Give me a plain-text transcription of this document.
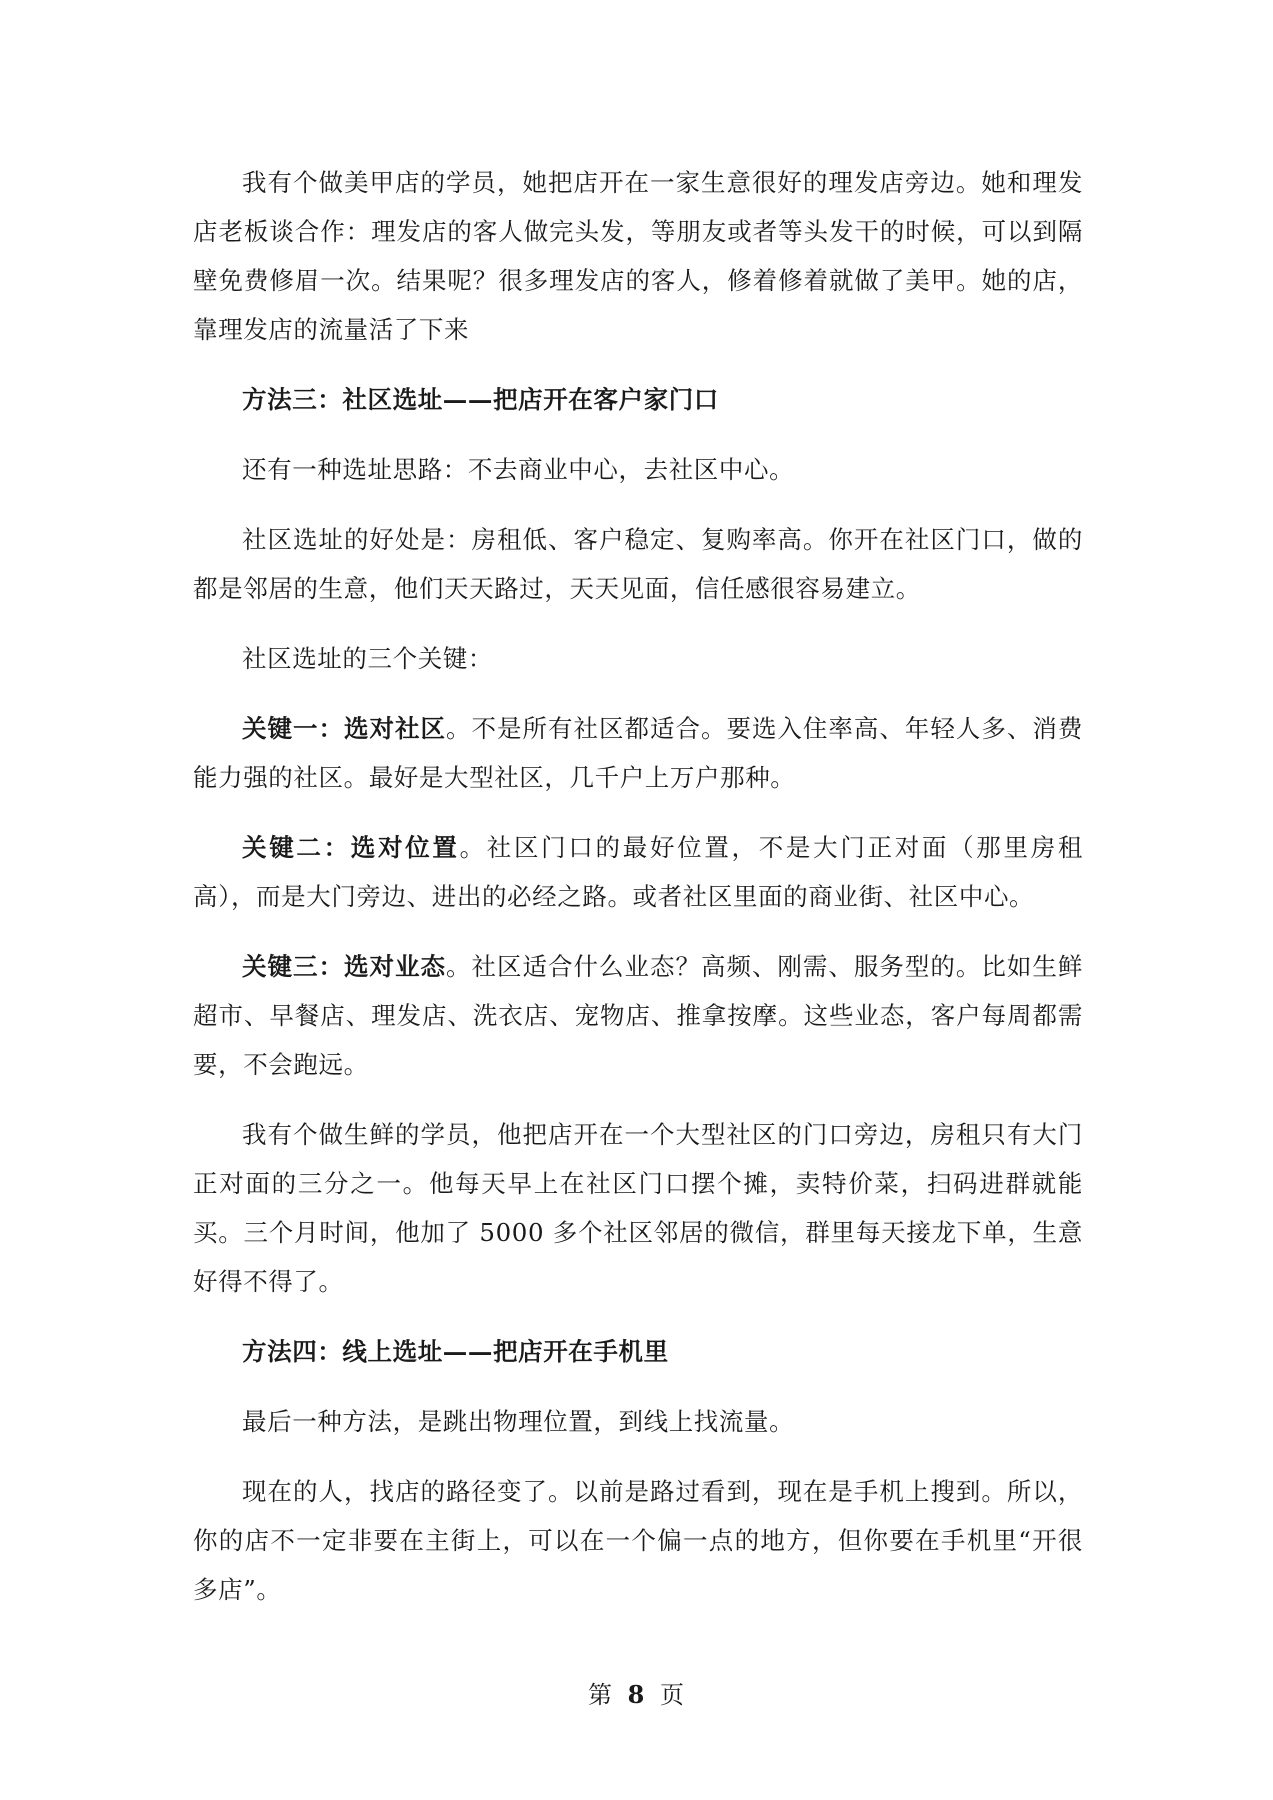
我有个做美甲店的学员，她把店开在一家生意很好的理发店旁边。她和理发店老板谈合作：理发店的客人做完头发，等朋友或者等头发干的时候，可以到隔壁免费修眉一次。结果呢？很多理发店的客人，修着修着就做了美甲。她的店，靠理发店的流量活了下来

方法三：社区选址——把店开在客户家门口

还有一种选址思路：不去商业中心，去社区中心。

社区选址的好处是：房租低、客户稳定、复购率高。你开在社区门口，做的都是邻居的生意，他们天天路过，天天见面，信任感很容易建立。

社区选址的三个关键：

关键一：选对社区。不是所有社区都适合。要选入住率高、年轻人多、消费能力强的社区。最好是大型社区，几千户上万户那种。

关键二：选对位置。社区门口的最好位置，不是大门正对面（那里房租高），而是大门旁边、进出的必经之路。或者社区里面的商业街、社区中心。

关键三：选对业态。社区适合什么业态？高频、刚需、服务型的。比如生鲜超市、早餐店、理发店、洗衣店、宠物店、推拿按摩。这些业态，客户每周都需要，不会跑远。

我有个做生鲜的学员，他把店开在一个大型社区的门口旁边，房租只有大门正对面的三分之一。他每天早上在社区门口摆个摊，卖特价菜，扫码进群就能买。三个月时间，他加了 5000 多个社区邻居的微信，群里每天接龙下单，生意好得不得了。

方法四：线上选址——把店开在手机里

最后一种方法，是跳出物理位置，到线上找流量。

现在的人，找店的路径变了。以前是路过看到，现在是手机上搜到。所以，你的店不一定非要在主街上，可以在一个偏一点的地方，但你要在手机里“开很多店”。

第 8 页
